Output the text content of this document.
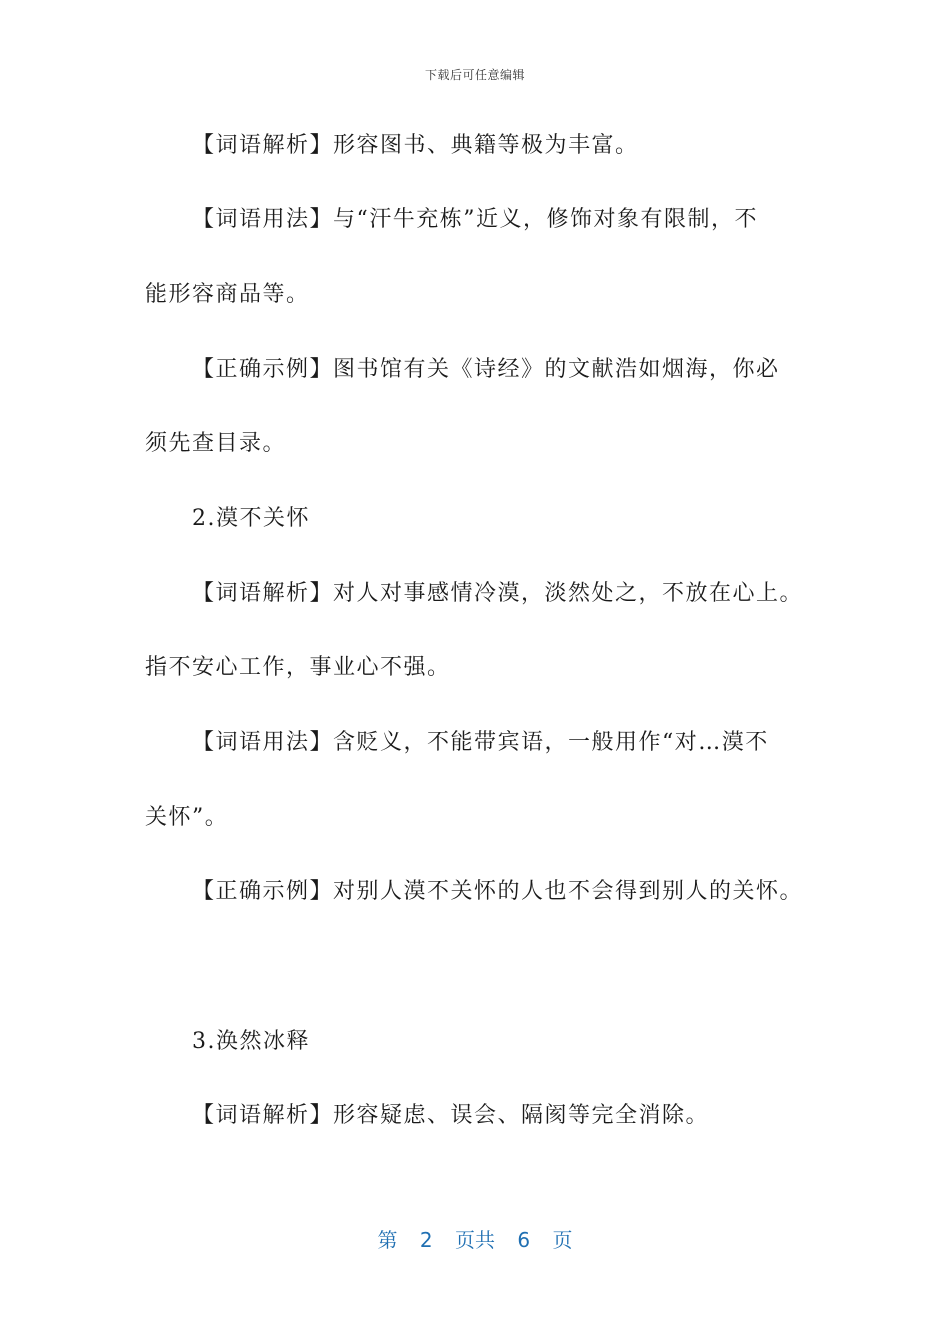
下载后可任意编辑
【词语解析】形容图书、典籍等极为丰富。
【词语用法】与“汗牛充栋”近义，修饰对象有限制，不
能形容商品等。
【正确示例】图书馆有关《诗经》的文献浩如烟海，你必
须先查目录。
2.漠不关怀
【词语解析】对人对事感情冷漠，淡然处之，不放在心上。
指不安心工作，事业心不强。
【词语用法】含贬义，不能带宾语，一般用作“对…漠不
关怀”。
【正确示例】对别人漠不关怀的人也不会得到别人的关怀。
3.涣然冰释
【词语解析】形容疑虑、误会、隔阂等完全消除。
第 2 页共 6 页
